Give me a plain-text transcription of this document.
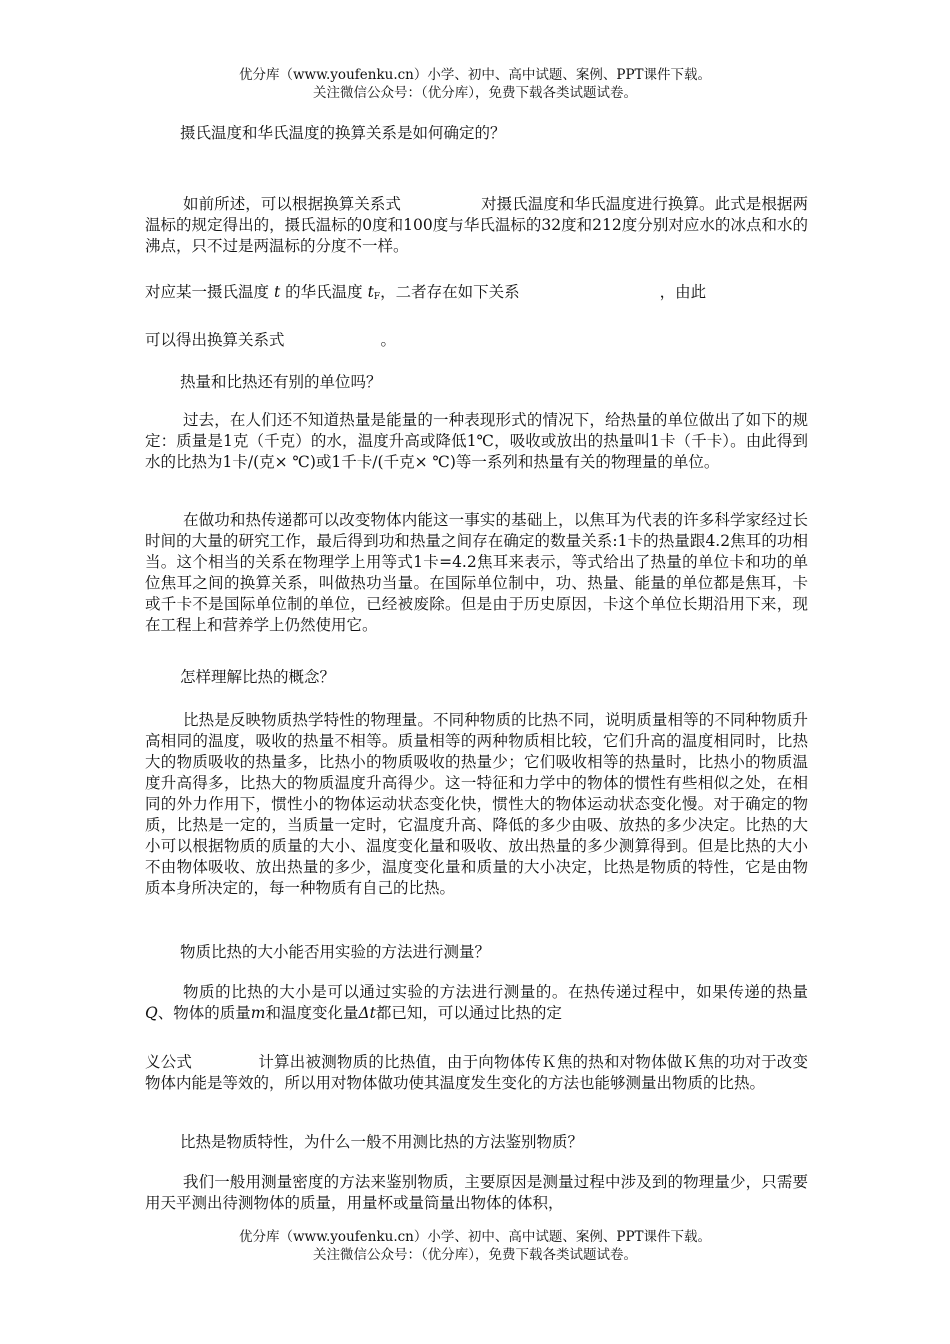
优分库（www.youfenku.cn）小学、初中、高中试题、案例、PPT课件下载。
关注微信公众号：（优分库），免费下载各类试题试卷。
摄氏温度和华氏温度的换算关系是如何确定的？
如前所述，可以根据换算关系式	对摄氏温度和华氏温度进行换算。此式是根据两温标的规定得出的，摄氏温标的0度和100度与华氏温标的32度和212度分别对应水的冰点和水的沸点，只不过是两温标的分度不一样。
对应某一摄氏温度 t 的华氏温度 $t_F$，二者存在如下关系	，由此
可以得出换算关系式	。
热量和比热还有别的单位吗？
过去，在人们还不知道热量是能量的一种表现形式的情况下，给热量的单位做出了如下的规定：质量是1克（千克）的水，温度升高或降低1℃，吸收或放出的热量叫1卡（千卡）。由此得到水的比热为1卡/(克× ℃)或1千卡/(千克× ℃)等一系列和热量有关的物理量的单位。
在做功和热传递都可以改变物体内能这一事实的基础上，以焦耳为代表的许多科学家经过长时间的大量的研究工作，最后得到功和热量之间存在确定的数量关系:1卡的热量跟4.2焦耳的功相当。这个相当的关系在物理学上用等式1卡=4.2焦耳来表示，等式给出了热量的单位卡和功的单位焦耳之间的换算关系，叫做热功当量。在国际单位制中，功、热量、能量的单位都是焦耳，卡或千卡不是国际单位制的单位，已经被废除。但是由于历史原因，卡这个单位长期沿用下来，现在工程上和营养学上仍然使用它。
怎样理解比热的概念？
比热是反映物质热学特性的物理量。不同种物质的比热不同，说明质量相等的不同种物质升高相同的温度，吸收的热量不相等。质量相等的两种物质相比较，它们升高的温度相同时，比热大的物质吸收的热量多，比热小的物质吸收的热量少；它们吸收相等的热量时，比热小的物质温度升高得多，比热大的物质温度升高得少。这一特征和力学中的物体的惯性有些相似之处，在相同的外力作用下，惯性小的物体运动状态变化快，惯性大的物体运动状态变化慢。对于确定的物质，比热是一定的，当质量一定时，它温度升高、降低的多少由吸、放热的多少决定。比热的大小可以根据物质的质量的大小、温度变化量和吸收、放出热量的多少测算得到。但是比热的大小不由物体吸收、放出热量的多少，温度变化量和质量的大小决定，比热是物质的特性，它是由物质本身所决定的，每一种物质有自己的比热。
物质比热的大小能否用实验的方法进行测量？
物质的比热的大小是可以通过实验的方法进行测量的。在热传递过程中，如果传递的热量Q、物体的质量m和温度变化量Δt都已知，可以通过比热的定
义公式	计算出被测物质的比热值，由于向物体传Ｋ焦的热和对物体做Ｋ焦的功对于改变物体内能是等效的，所以用对物体做功使其温度发生变化的方法也能够测量出物质的比热。
比热是物质特性，为什么一般不用测比热的方法鉴别物质？
我们一般用测量密度的方法来鉴别物质，主要原因是测量过程中涉及到的物理量少，只需要用天平测出待测物体的质量，用量杯或量筒量出物体的体积，
优分库（www.youfenku.cn）小学、初中、高中试题、案例、PPT课件下载。
关注微信公众号：（优分库），免费下载各类试题试卷。
